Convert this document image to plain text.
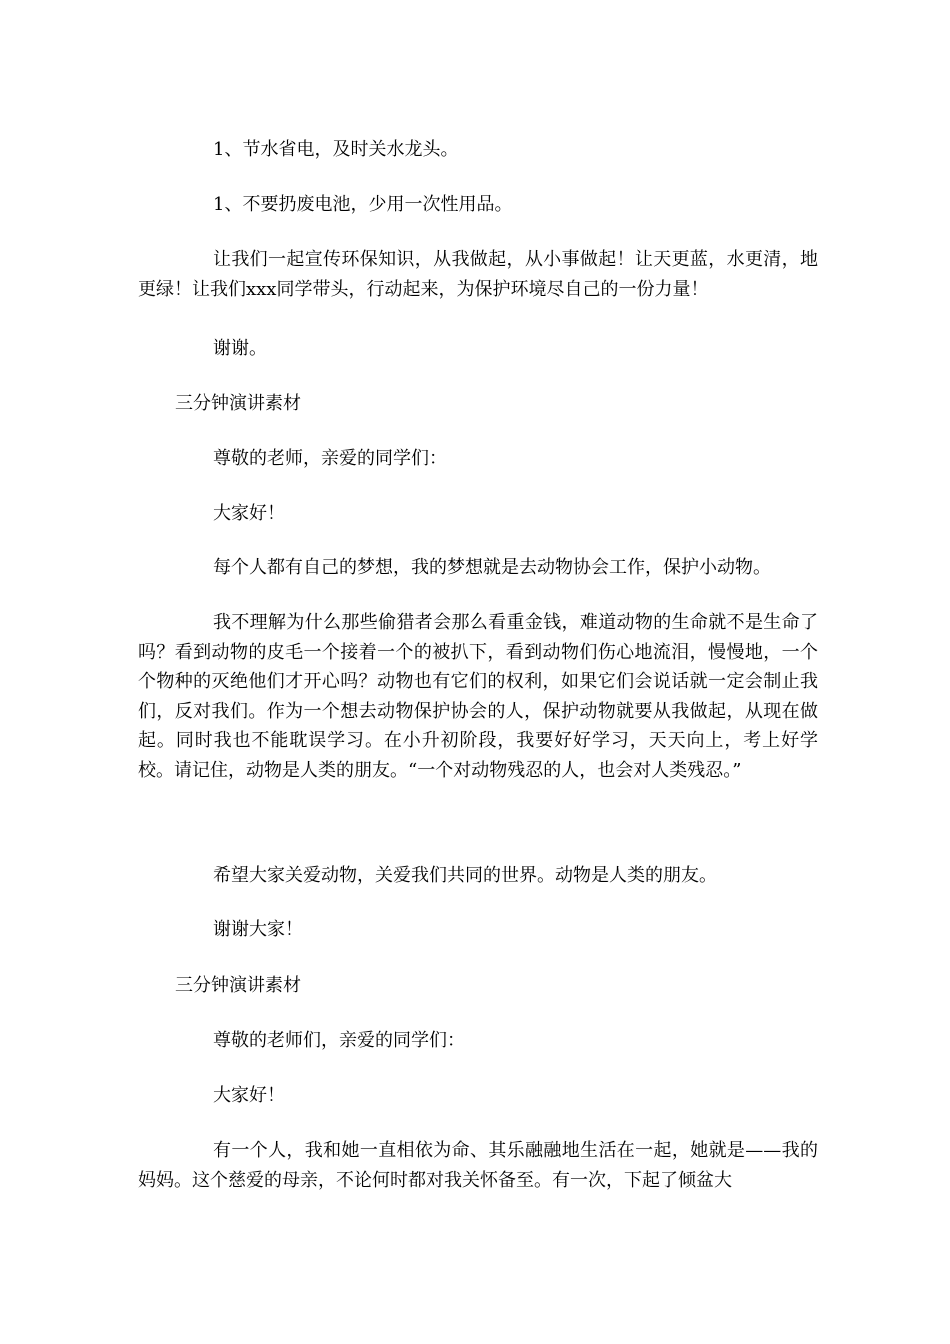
1、节水省电，及时关水龙头。
1、不要扔废电池，少用一次性用品。
让我们一起宣传环保知识，从我做起，从小事做起！让天更蓝，水更清，地更绿！让我们xxx同学带头，行动起来，为保护环境尽自己的一份力量！
谢谢。
三分钟演讲素材
尊敬的老师，亲爱的同学们：
大家好！
每个人都有自己的梦想，我的梦想就是去动物协会工作，保护小动物。
我不理解为什么那些偷猎者会那么看重金钱，难道动物的生命就不是生命了吗？看到动物的皮毛一个接着一个的被扒下，看到动物们伤心地流泪，慢慢地，一个个物种的灭绝他们才开心吗？动物也有它们的权利，如果它们会说话就一定会制止我们，反对我们。作为一个想去动物保护协会的人，保护动物就要从我做起，从现在做起。同时我也不能耽误学习。在小升初阶段，我要好好学习，天天向上，考上好学校。请记住，动物是人类的朋友。“一个对动物残忍的人，也会对人类残忍。”
希望大家关爱动物，关爱我们共同的世界。动物是人类的朋友。
谢谢大家！
三分钟演讲素材
尊敬的老师们，亲爱的同学们：
大家好！
有一个人，我和她一直相依为命、其乐融融地生活在一起，她就是——我的妈妈。这个慈爱的母亲，不论何时都对我关怀备至。有一次，下起了倾盆大
